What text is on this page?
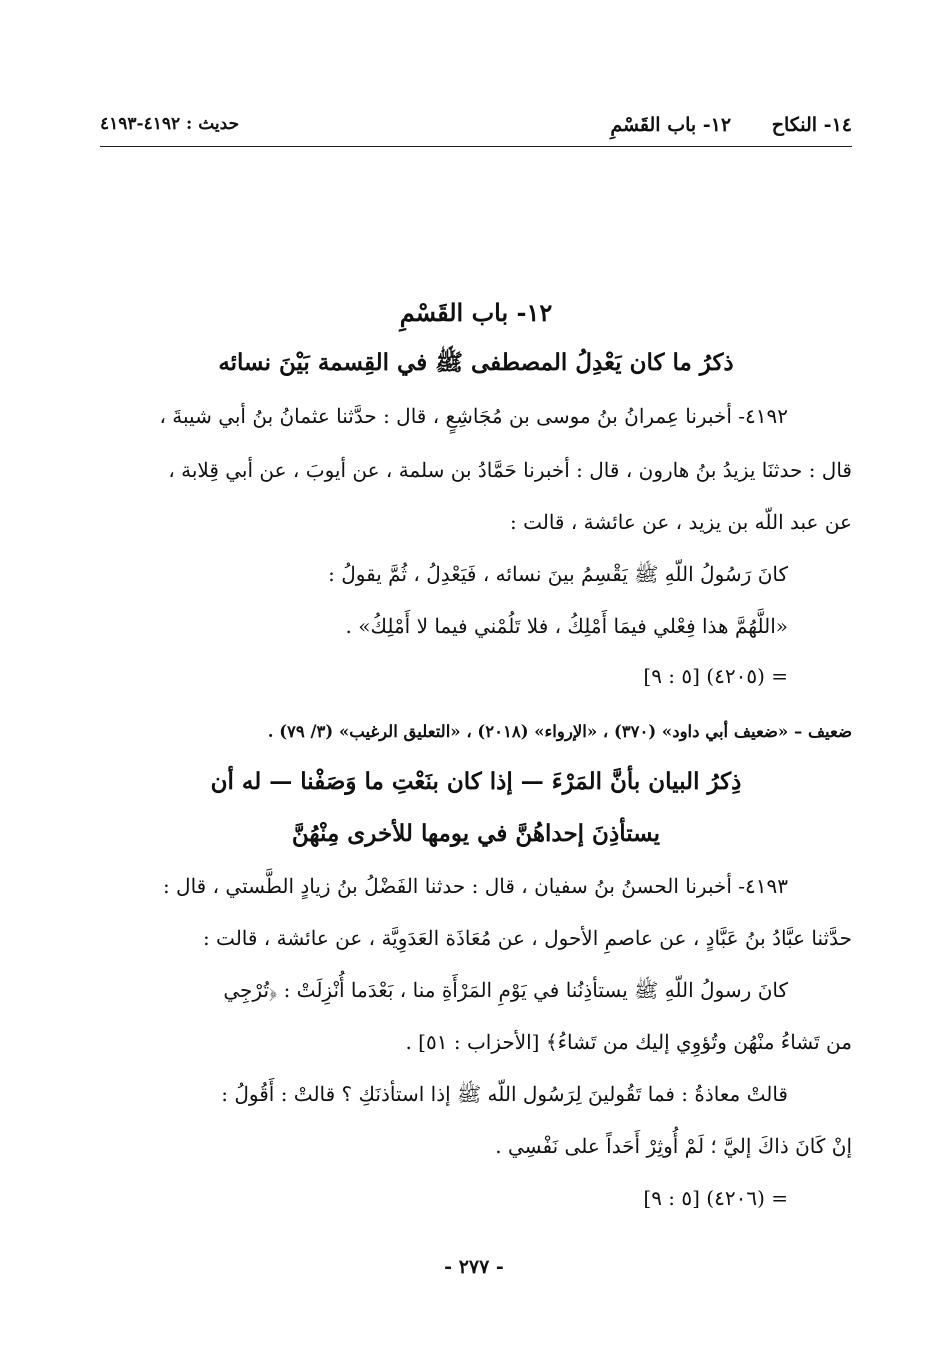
١٤- النكاح ١٢- باب القَسْمِ
حديث : ٤١٩٢-٤١٩٣
١٢- باب القَسْمِ
ذكرُ ما كان يَعْدِلُ المصطفى ﷺ في القِسمة بَيْنَ نسائه
٤١٩٢- أخبرنا عِمرانُ بنُ موسى بن مُجَاشِعٍ ، قال : حدَّثنا عثمانُ بنُ أبي شيبةَ ،
قال : حدثنَا يزيدُ بنُ هارون ، قال : أخبرنا حَمَّادُ بن سلمة ، عن أيوبَ ، عن أبي قِلابة ،
عن عبد اللّه بن يزيد ، عن عائشة ، قالت :
كانَ رَسُولُ اللّهِ ﷺ يَقْسِمُ بينَ نسائه ، فَيَعْدِلُ ، ثُمَّ يقولُ :
«اللَّهُمَّ هذا فِعْلي فيمَا أَمْلِكُ ، فلا تَلُمْني فيما لا أَمْلِكُ» .
= (٤٢٠٥) [٥ : ٩]
ضعيف – «ضعيف أبي داود» (٣٧٠) ، «الإرواء» (٢٠١٨) ، «التعليق الرغيب» (٣/ ٧٩) .
ذِكرُ البيان بأنَّ المَرْءَ — إذا كان بنَعْتِ ما وَصَفْنا — له أن
يستأذِنَ إحداهُنَّ في يومها للأخرى مِنْهُنَّ
٤١٩٣- أخبرنا الحسنُ بنُ سفيان ، قال : حدثنا الفَضْلُ بنُ زيادٍ الطَّستي ، قال :
حدَّثنا عبَّادُ بنُ عَبَّادٍ ، عن عاصمِ الأحول ، عن مُعَاذَة العَدَوِيَّة ، عن عائشة ، قالت :
كانَ رسولُ اللّهِ ﷺ يستأذِنُنا في يَوْمِ المَرْأَةِ منا ، بَعْدَما أُنْزِلَتْ : ﴿تُرْجِي
من تَشاءُ منْهُن وتُؤوِي إليك من تَشاءُ﴾ [الأحزاب : ٥١] .
قالتْ معاذةُ : فما تَقُولينَ لِرَسُول اللّه ﷺ إذا استأذنَكِ ؟ قالتْ : أَقُولُ :
إنْ كَانَ ذاكَ إليَّ ؛ لَمْ أُوثِرْ أَحَداً على نَفْسِي .
= (٤٢٠٦) [٥ : ٩]
- ٢٧٧ -
